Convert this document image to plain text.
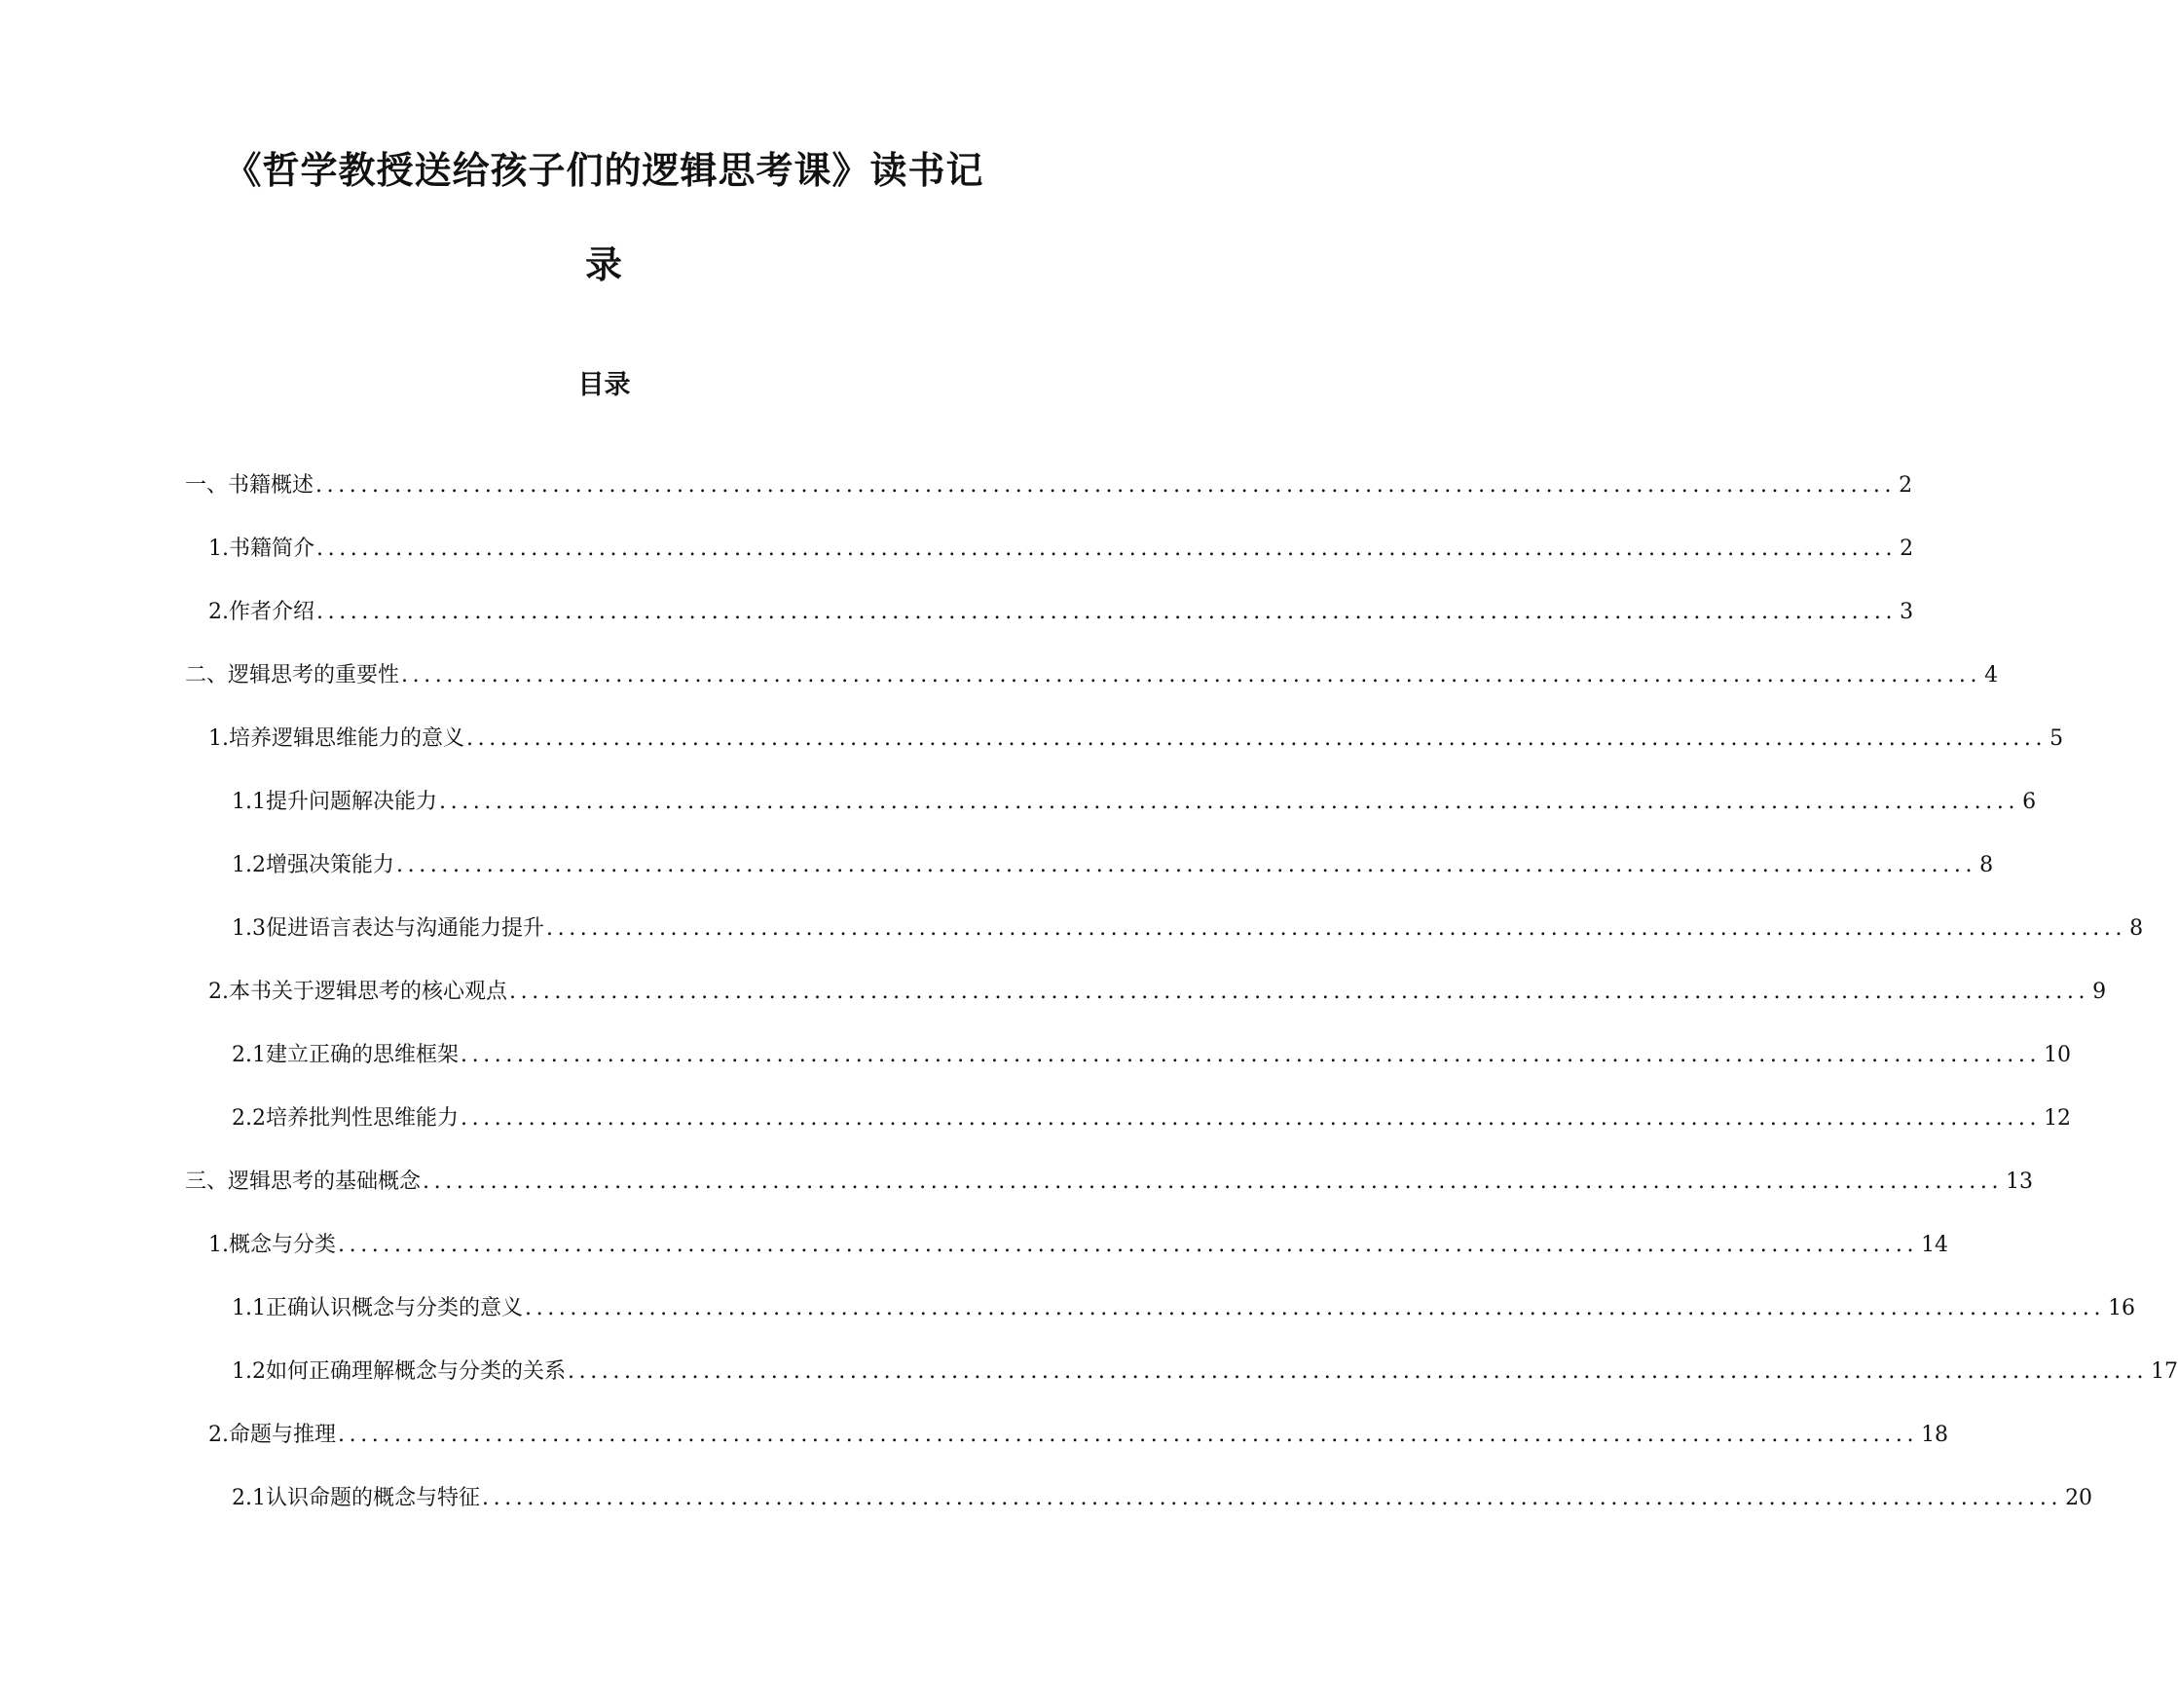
《哲学教授送给孩子们的逻辑思考课》读书记
录
目录
一、书籍概述 ............................................................................................................................................ 2
1. 书籍简介 ............................................................................................................................................ 2
2. 作者介绍 ............................................................................................................................................ 3
二、逻辑思考的重要性 ............................................................................................................................................ 4
1. 培养逻辑思维能力的意义 ............................................................................................................................................ 5
1.1 提升问题解决能力 ............................................................................................................................................ 6
1.2 增强决策能力 ............................................................................................................................................ 8
1.3 促进语言表达与沟通能力提升 ............................................................................................................................................ 8
2. 本书关于逻辑思考的核心观点 ............................................................................................................................................ 9
2.1 建立正确的思维框架 ............................................................................................................................................ 10
2.2 培养批判性思维能力 ............................................................................................................................................ 12
三、逻辑思考的基础概念 ............................................................................................................................................ 13
1. 概念与分类 ............................................................................................................................................ 14
1.1 正确认识概念与分类的意义 ............................................................................................................................................ 16
1.2 如何正确理解概念与分类的关系 ............................................................................................................................................ 17
2. 命题与推理 ............................................................................................................................................ 18
2.1 认识命题的概念与特征 ............................................................................................................................................ 20
